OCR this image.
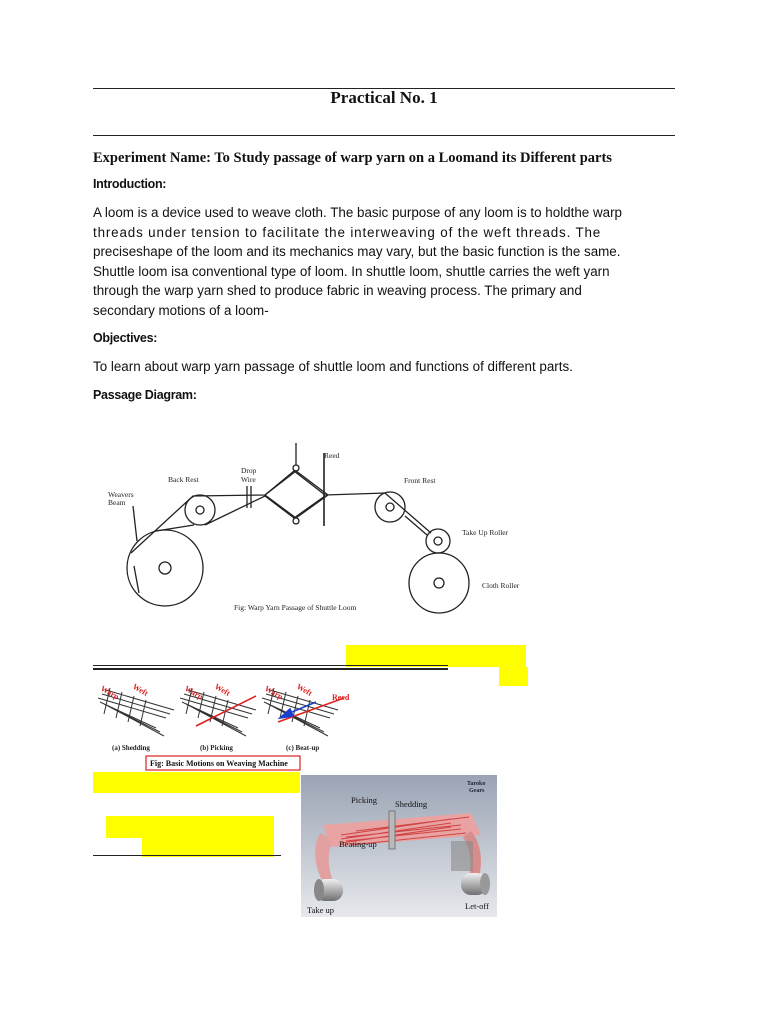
Practical No. 1
Experiment Name: To Study passage of warp yarn on a Loomand its Different parts
Introduction:
A loom is a device used to weave cloth. The basic purpose of any loom is to holdthe warp
threads under tension to facilitate the interweaving of the weft threads. The
preciseshape of the loom and its mechanics may vary, but the basic function is the same.
Shuttle loom isa conventional type of loom. In shuttle loom, shuttle carries the weft yarn
through the warp yarn shed to produce fabric in weaving process. The primary and
secondary motions of a loom-
Objectives:
To learn about warp yarn passage of shuttle loom and functions of different parts.
Passage Diagram:
Reed
Drop
Wire
Back Rest	Front Rest
Weavers
Beam
Take Up Roller
Cloth Roller
Fig: Warp Yarn Passage of Shuttle Loom
Warp Weft	Warp Weft	Warp Weft Reed
(a) Shedding	(b) Picking	(c) Beat-up
Fig: Basic Motions on Weaving Machine
Picking Shedding
Beating-up
Take up	Let-off
Taroko
Gears
